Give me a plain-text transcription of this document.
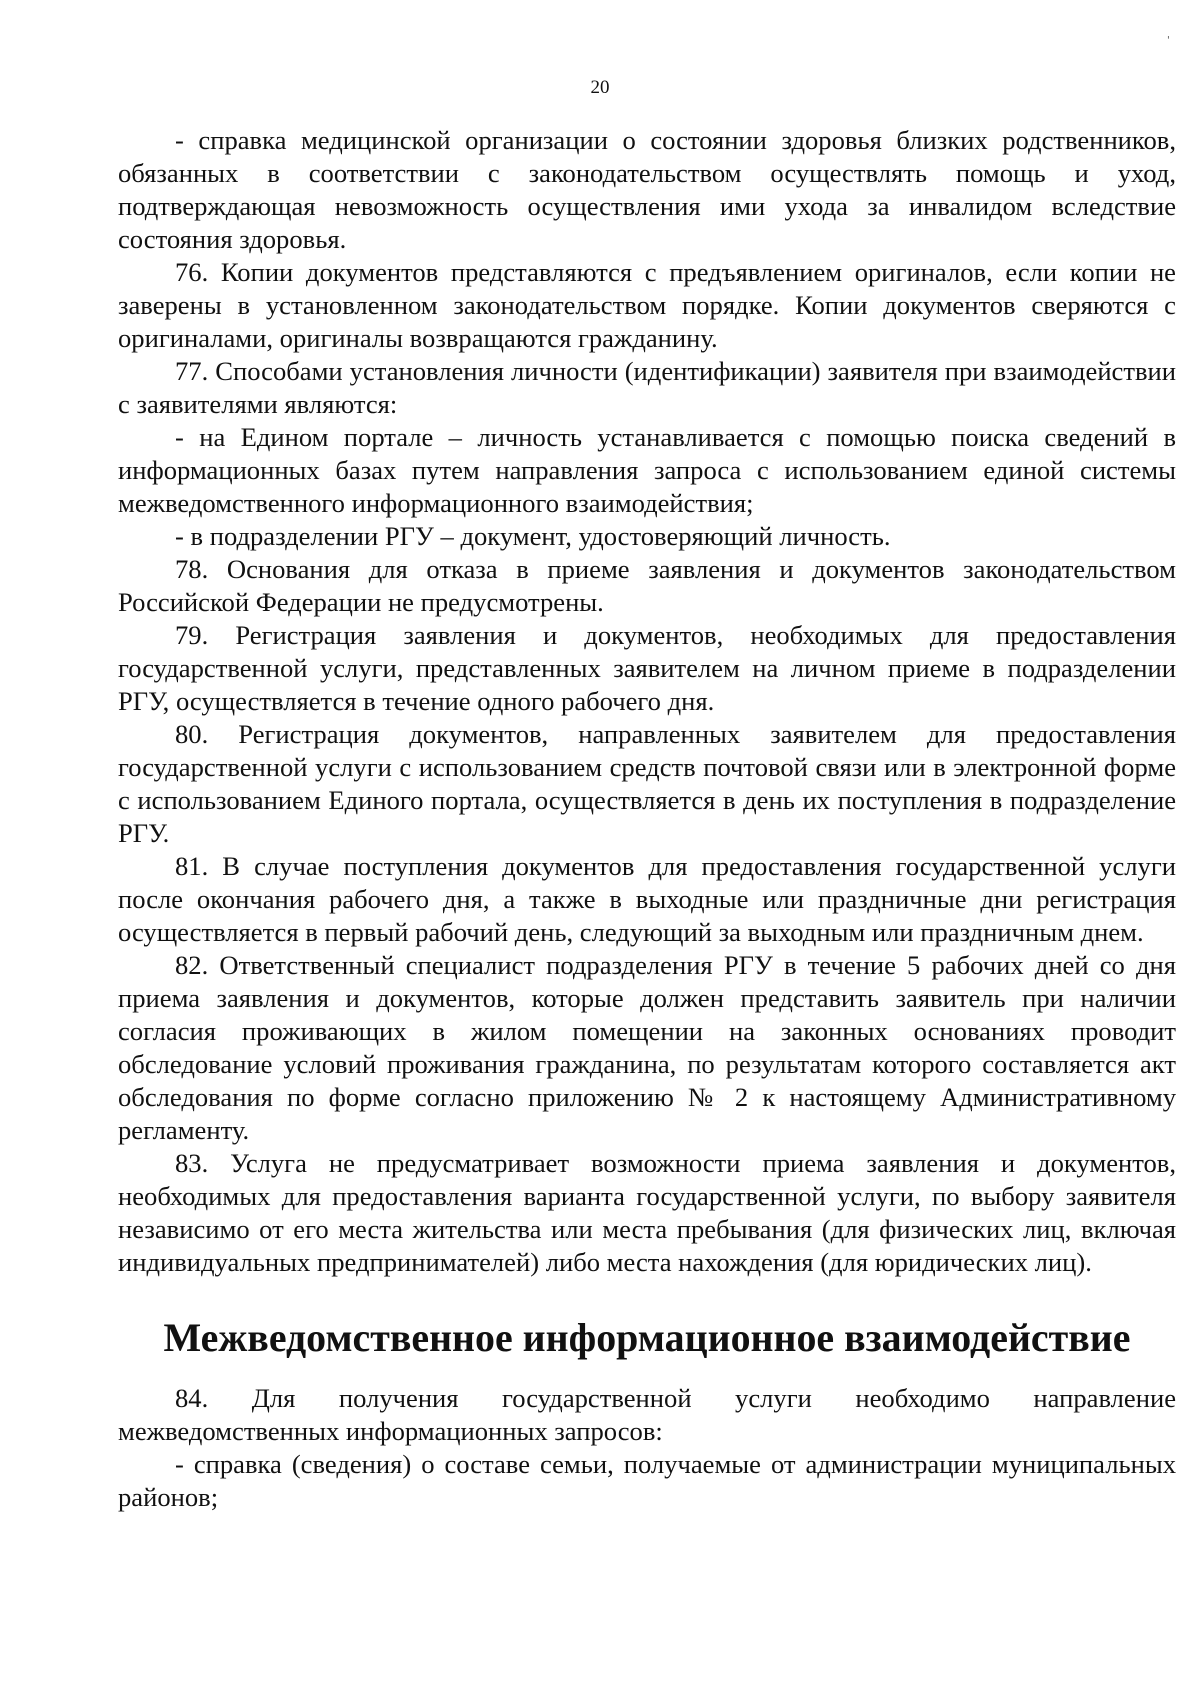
'
20

- справка медицинской организации о состоянии здоровья близких родственников, обязанных в соответствии с законодательством осуществлять помощь и уход, подтверждающая невозможность осуществления ими ухода за инвалидом вследствие состояния здоровья.

76. Копии документов представляются с предъявлением оригиналов, если копии не заверены в установленном законодательством порядке. Копии документов сверяются с оригиналами, оригиналы возвращаются гражданину.

77. Способами установления личности (идентификации) заявителя при взаимодействии с заявителями являются:

- на Едином портале – личность устанавливается с помощью поиска сведений в информационных базах путем направления запроса с использованием единой системы межведомственного информационного взаимодействия;

- в подразделении РГУ – документ, удостоверяющий личность.

78. Основания для отказа в приеме заявления и документов законодательством Российской Федерации не предусмотрены.

79. Регистрация заявления и документов, необходимых для предоставления государственной услуги, представленных заявителем на личном приеме в подразделении РГУ, осуществляется в течение одного рабочего дня.

80. Регистрация документов, направленных заявителем для предоставления государственной услуги с использованием средств почтовой связи или в электронной форме с использованием Единого портала, осуществляется в день их поступления в подразделение РГУ.

81. В случае поступления документов для предоставления государственной услуги после окончания рабочего дня, а также в выходные или праздничные дни регистрация осуществляется в первый рабочий день, следующий за выходным или праздничным днем.

82. Ответственный специалист подразделения РГУ в течение 5 рабочих дней со дня приема заявления и документов, которые должен представить заявитель при наличии согласия проживающих в жилом помещении на законных основаниях проводит обследование условий проживания гражданина, по результатам которого составляется акт обследования по форме согласно приложению № 2 к настоящему Административному регламенту.

83. Услуга не предусматривает возможности приема заявления и документов, необходимых для предоставления варианта государственной услуги, по выбору заявителя независимо от его места жительства или места пребывания (для физических лиц, включая индивидуальных предпринимателей) либо места нахождения (для юридических лиц).

Межведомственное информационное взаимодействие

84. Для получения государственной услуги необходимо направление межведомственных информационных запросов:

- справка (сведения) о составе семьи, получаемые от администрации муниципальных районов;
